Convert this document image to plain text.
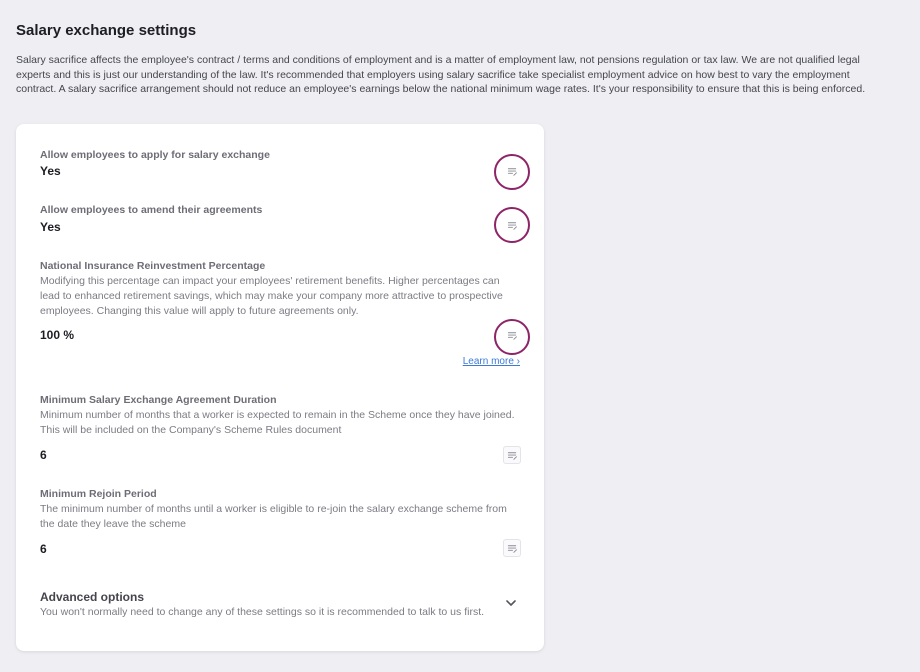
Salary exchange settings

Salary sacrifice affects the employee's contract / terms and conditions of employment and is a matter of employment law, not pensions regulation or tax law. We are not qualified legal experts and this is just our understanding of the law. It's recommended that employers using salary sacrifice take specialist employment advice on how best to vary the employment contract. A salary sacrifice arrangement should not reduce an employee's earnings below the national minimum wage rates. It's your responsibility to ensure that this is being enforced.

Allow employees to apply for salary exchange
Yes
Allow employees to amend their agreements
Yes
National Insurance Reinvestment Percentage
Modifying this percentage can impact your employees' retirement benefits. Higher percentages can lead to enhanced retirement savings, which may make your company more attractive to prospective employees. Changing this value will apply to future agreements only.
100 %
Learn more ›
Minimum Salary Exchange Agreement Duration
Minimum number of months that a worker is expected to remain in the Scheme once they have joined. This will be included on the Company's Scheme Rules document
6
Minimum Rejoin Period
The minimum number of months until a worker is eligible to re-join the salary exchange scheme from the date they leave the scheme
6
Advanced options
You won't normally need to change any of these settings so it is recommended to talk to us first.
